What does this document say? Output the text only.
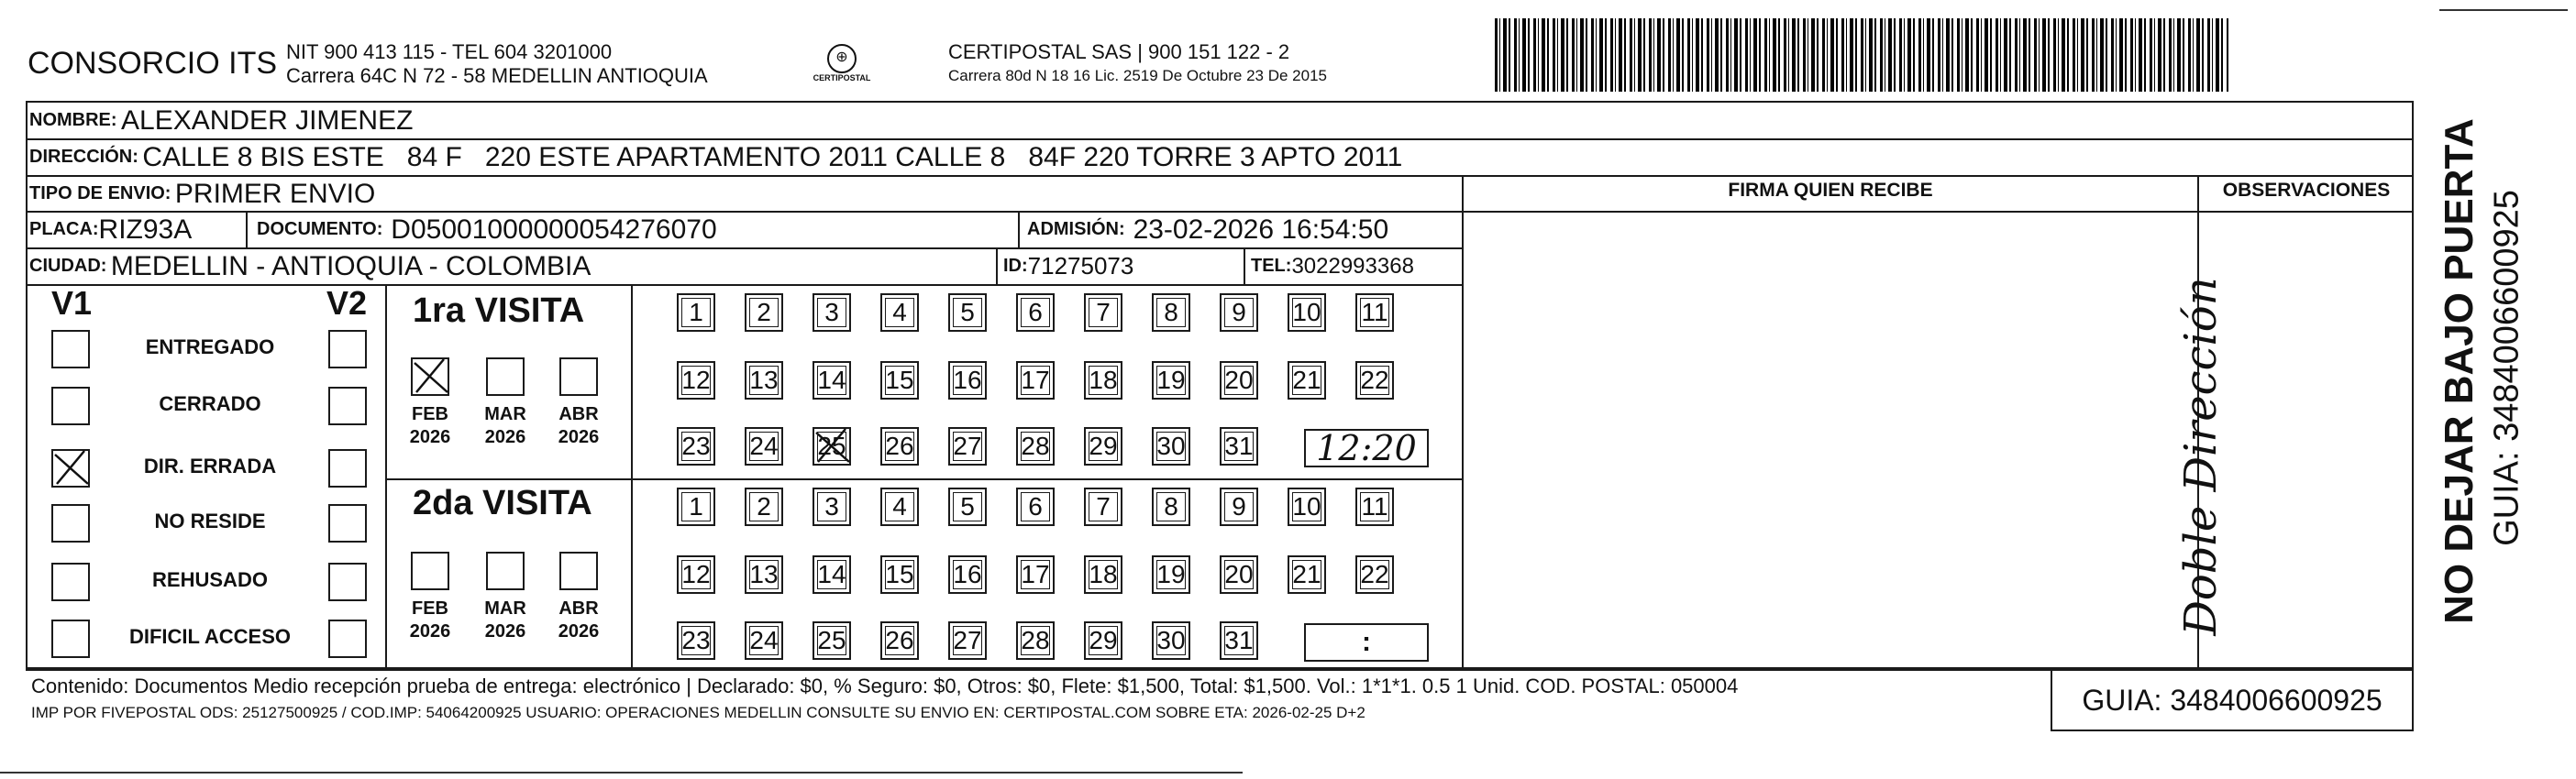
CONSORCIO ITS NIT 900 413 115 - TEL 604 3201000
Carrera 64C N 72 - 58 MEDELLIN ANTIOQUIA
⊕
CERTIPOSTAL
CERTIPOSTAL SAS | 900 151 122 - 2
Carrera 80d N 18 16 Lic. 2519 De Octubre 23 De 2015
NOMBRE:
ALEXANDER JIMENEZ
DIRECCIÓN:
CALLE 8 BIS ESTE   84 F   220 ESTE APARTAMENTO 2011 CALLE 8   84F 220 TORRE 3 APTO 2011
TIPO DE ENVIO:
PRIMER ENVIO	FIRMA QUIEN RECIBE	OBSERVACIONES
PLACA: RIZ93A	DOCUMENTO:
D05001000000054276070	ADMISIÓN:
23-02-2026 16:54:50
CIUDAD:
MEDELLIN - ANTIOQUIA - COLOMBIA	ID: 71275073	TEL: 3022993368
Doble Dirección
V1	V2
ENTREGADO
CERRADO
DIR. ERRADA
NO RESIDE
REHUSADO
DIFICIL ACCESO
1ra VISITA
2da VISITA
FEB
2026
MAR
2026
ABR
2026
1 2 3 4 5 6 7 8 9 10 11
12 13 14 15 16 17 18 19 20 21 22
23 24 25 26 27 28 29 30 31 12:20
FEB
2026
MAR
2026
ABR
2026
1 2 3 4 5 6 7 8 9 10 11
12 13 14 15 16 17 18 19 20 21 22
23 24 25 26 27 28 29 30 31	:
Contenido: Documentos Medio recepción prueba de entrega: electrónico | Declarado: $0, % Seguro: $0, Otros: $0, Flete: $1,500, Total: $1,500. Vol.: 1*1*1. 0.5 1 Unid. COD. POSTAL: 050004
IMP POR FIVEPOSTAL ODS: 25127500925 / COD.IMP: 54064200925 USUARIO: OPERACIONES MEDELLIN CONSULTE SU ENVIO EN: CERTIPOSTAL.COM SOBRE ETA: 2026-02-25 D+2	GUIA: 3484006600925
NO DEJAR BAJO PUERTA GUIA: 3484006600925
